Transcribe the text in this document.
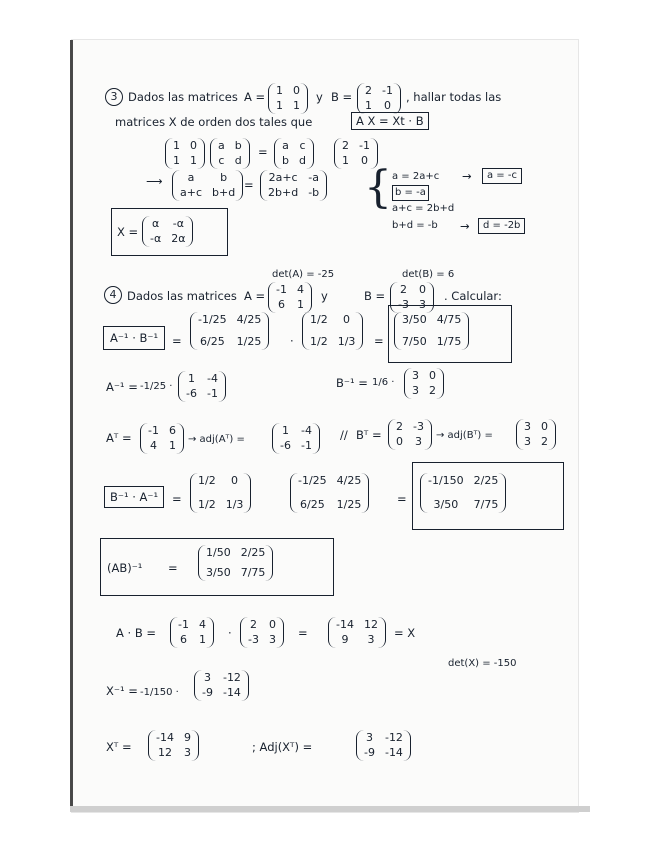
3 Dados las matrices A = 1 0
1 1
y B = 2 -1
1 0
, hallar todas las
matrices X de orden dos tales que	A X = Xt · B
1 0
1 1
a b
c d
= a c
b d
2 -1
1 0
⟶	a	b
a+c b+d
=
2a+c -a
2b+d -b { a = 2a+c
b = -a
a+c = 2b+d
b+d = -b
→	a = -c
→	d = -2b
X =
α -α
-α 2α
det(A) = -25	det(B) = 6
4 Dados las matrices A = -1 4
6 1
y	B = 2 0
-3 3
. Calcular:
A⁻¹ · B⁻¹	=
-1/25 4/25
6/25 1/25 ·
1/2	0
1/2 1/3 =
3/50 4/75
7/50 1/75
A⁻¹ = -1/25 ·
1 -4
-6 -1
B⁻¹ = 1/6 ·
3 0
3 2
Aᵀ =
-1 6
4 1 → adj(Aᵀ) =
1 -4
-6 -1
// Bᵀ =
2 -3
0 3 → adj(Bᵀ) =
3 0
3 2
B⁻¹ · A⁻¹	=
1/2	0
1/2 1/3
-1/25 4/25
6/25 1/25	=
-1/150 2/25
3/50	7/75
(AB)⁻¹ =
1/50 2/25
3/50 7/75
A · B =
-1 4
6 1 ·
2 0
-3 3 =
-14 12
9	3	= X
det(X) = -150
X⁻¹ = -1/150 ·
3 -12
-9 -14
Xᵀ =
-14 9
12 3	; Adj(Xᵀ) =
3 -12
-9 -14
